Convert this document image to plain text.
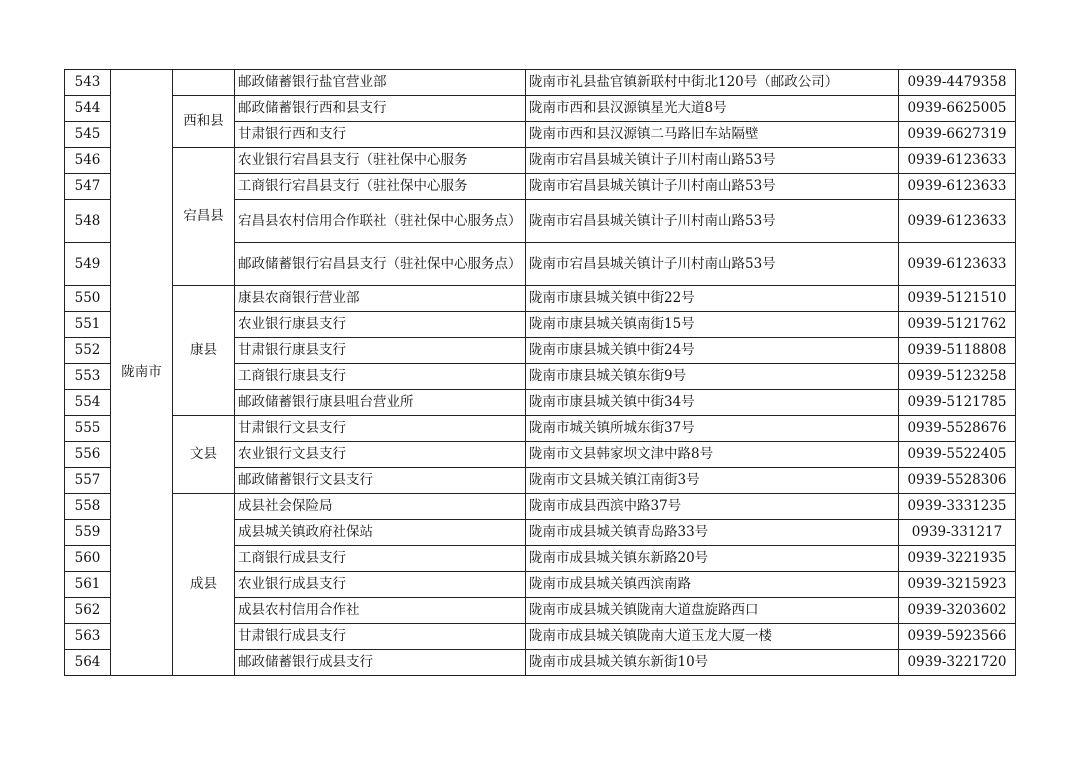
543	陇南市		邮政储蓄银行盐官营业部	陇南市礼县盐官镇新联村中街北120号（邮政公司）	0939-4479358
544		西和县	邮政储蓄银行西和县支行	陇南市西和县汉源镇星光大道8号	0939-6625005
545			甘肃银行西和支行	陇南市西和县汉源镇二马路旧车站隔壁	0939-6627319
546		宕昌县	农业银行宕昌县支行（驻社保中心服务	陇南市宕昌县城关镇计子川村南山路53号	0939-6123633
547			工商银行宕昌县支行（驻社保中心服务	陇南市宕昌县城关镇计子川村南山路53号	0939-6123633
548			宕昌县农村信用合作联社（驻社保中心服务点）	陇南市宕昌县城关镇计子川村南山路53号	0939-6123633
549			邮政储蓄银行宕昌县支行（驻社保中心服务点）	陇南市宕昌县城关镇计子川村南山路53号	0939-6123633
550		康县	康县农商银行营业部	陇南市康县城关镇中街22号	0939-5121510
551			农业银行康县支行	陇南市康县城关镇南街15号	0939-5121762
552			甘肃银行康县支行	陇南市康县城关镇中街24号	0939-5118808
553			工商银行康县支行	陇南市康县城关镇东街9号	0939-5123258
554			邮政储蓄银行康县咀台营业所	陇南市康县城关镇中街34号	0939-5121785
555		文县	甘肃银行文县支行	陇南市城关镇所城东街37号	0939-5528676
556			农业银行文县支行	陇南市文县韩家坝文津中路8号	0939-5522405
557			邮政储蓄银行文县支行	陇南市文县城关镇江南街3号	0939-5528306
558		成县	成县社会保险局	陇南市成县西滨中路37号	0939-3331235
559			成县城关镇政府社保站	陇南市成县城关镇青岛路33号	0939-331217
560			工商银行成县支行	陇南市成县城关镇东新路20号	0939-3221935
561			农业银行成县支行	陇南市成县城关镇西滨南路	0939-3215923
562			成县农村信用合作社	陇南市成县城关镇陇南大道盘旋路西口	0939-3203602
563			甘肃银行成县支行	陇南市成县城关镇陇南大道玉龙大厦一楼	0939-5923566
564			邮政储蓄银行成县支行	陇南市成县城关镇东新街10号	0939-3221720
